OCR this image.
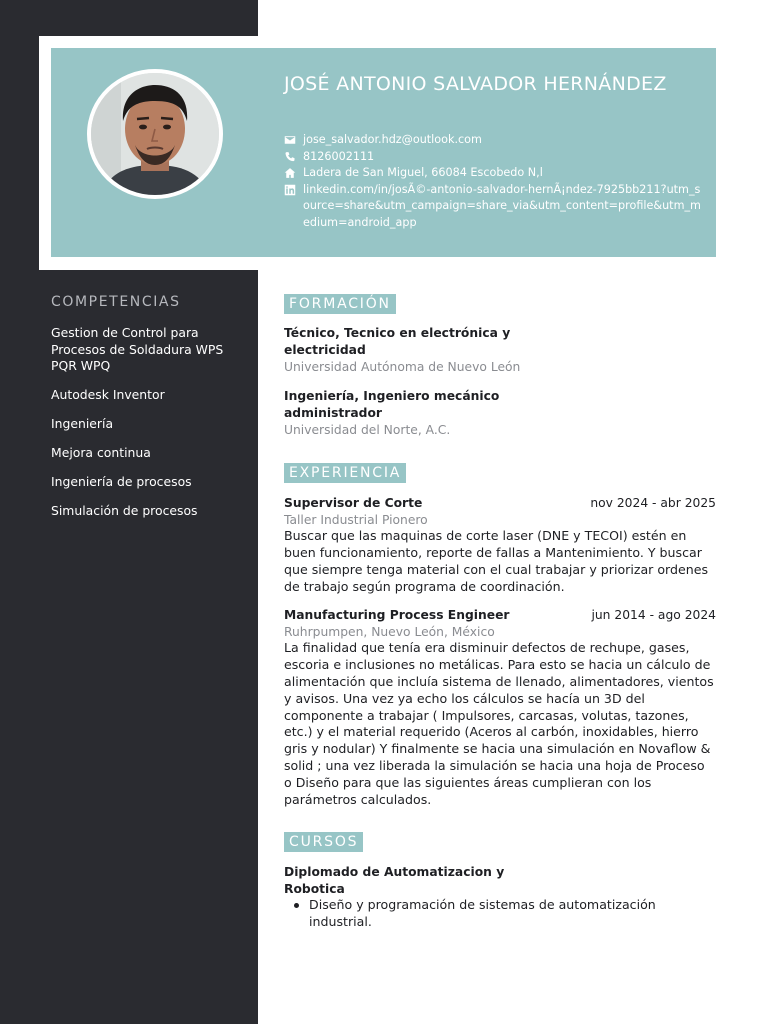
JOSÉ ANTONIO SALVADOR HERNÁNDEZ
jose_salvador.hdz@outlook.com
8126002111
Ladera de San Miguel, 66084 Escobedo N,l
linkedin.com/in/josÃ©-antonio-salvador-hernÃ¡ndez-7925bb211?utm_source=share&utm_campaign=share_via&utm_content=profile&utm_medium=android_app
COMPETENCIAS
Gestion de Control para Procesos de Soldadura WPS PQR WPQ
Autodesk Inventor
Ingeniería
Mejora continua
Ingeniería de procesos
Simulación de procesos
FORMACIÓN
Técnico, Tecnico en electrónica y electricidad
Universidad Autónoma de Nuevo León
Ingeniería, Ingeniero mecánico administrador
Universidad del Norte, A.C.
EXPERIENCIA
Supervisor de Corte	nov 2024 - abr 2025
Taller Industrial Pionero
Buscar que las maquinas de corte laser (DNE y TECOI) estén en buen funcionamiento, reporte de fallas a Mantenimiento. Y buscar que siempre tenga material con el cual trabajar y priorizar ordenes de trabajo según programa de coordinación.
Manufacturing Process Engineer	jun 2014 - ago 2024
Ruhrpumpen, Nuevo León, México
La finalidad que tenía era disminuir defectos de rechupe, gases, escoria e inclusiones no metálicas. Para esto se hacia un cálculo de alimentación que incluía sistema de llenado, alimentadores, vientos y avisos. Una vez ya echo los cálculos se hacía un 3D del componente a trabajar ( Impulsores, carcasas, volutas, tazones, etc.) y el material requerido (Aceros al carbón, inoxidables, hierro gris y nodular) Y finalmente se hacia una simulación en Novaflow & solid ; una vez liberada la simulación se hacia una hoja de Proceso o Diseño para que las siguientes áreas cumplieran con los parámetros calculados.
CURSOS
Diplomado de Automatizacion y Robotica
Diseño y programación de sistemas de automatización industrial.
